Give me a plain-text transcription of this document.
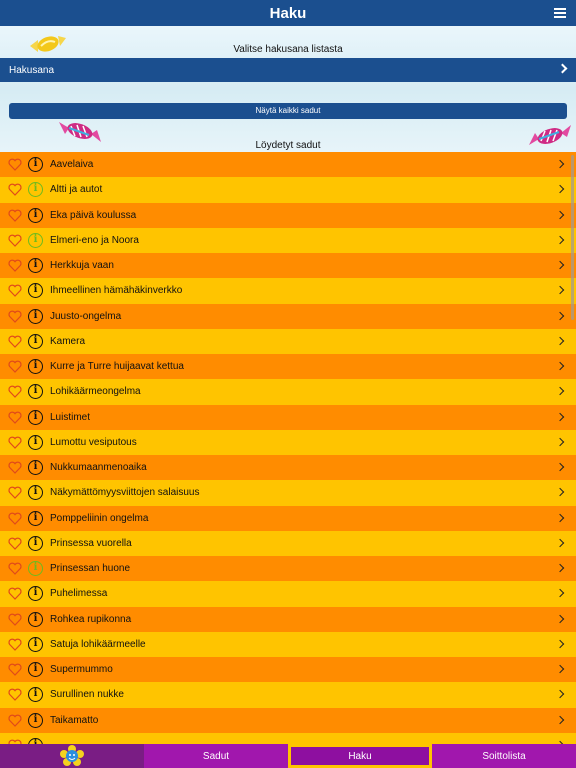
Haku
Valitse hakusana listasta
Hakusana
Näytä kaikki sadut
Löydetyt sadut
i	Aavelaiva
i	Altti ja autot
i	Eka päivä koulussa
i	Elmeri-eno ja Noora
i	Herkkuja vaan
i	Ihmeellinen hämähäkinverkko
i	Juusto-ongelma
i	Kamera
i	Kurre ja Turre huijaavat kettua
i	Lohikäärmeongelma
i	Luistimet
i	Lumottu vesiputous
i	Nukkumaanmenoaika
i	Näkymättömyysviittojen salaisuus
i	Pomppeliinin ongelma
i	Prinsessa vuorella
i	Prinsessan huone
i	Puhelimessa
i	Rohkea rupikonna
i	Satuja lohikäärmeelle
i	Supermummo
i	Surullinen nukke
i	Taikamatto
Sadut	Haku	Soittolista
